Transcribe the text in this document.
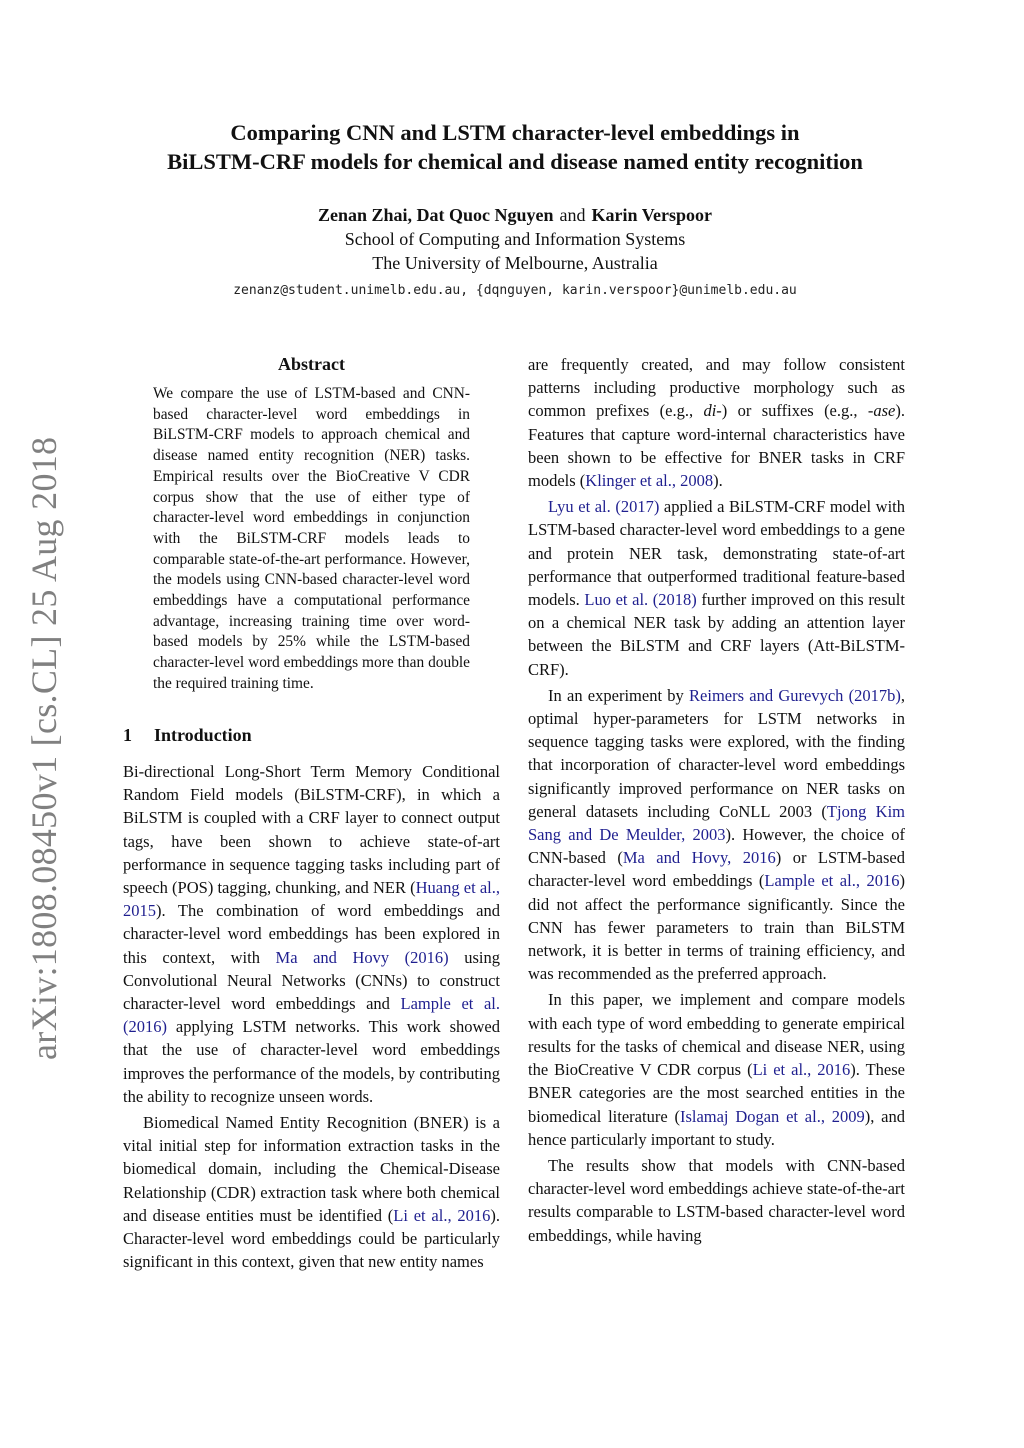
arXiv:1808.08450v1 [cs.CL] 25 Aug 2018
Comparing CNN and LSTM character-level embeddings in
BiLSTM-CRF models for chemical and disease named entity recognition
Zenan Zhai, Dat Quoc Nguyen and Karin Verspoor
School of Computing and Information Systems
The University of Melbourne, Australia
zenanz@student.unimelb.edu.au, {dqnguyen, karin.verspoor}@unimelb.edu.au
Abstract
We compare the use of LSTM-based and CNN-based character-level word embeddings in BiLSTM-CRF models to approach chemical and disease named entity recognition (NER) tasks. Empirical results over the BioCreative V CDR corpus show that the use of either type of character-level word embeddings in conjunction with the BiLSTM-CRF models leads to comparable state-of-the-art performance. However, the models using CNN-based character-level word embeddings have a computational performance advantage, increasing training time over word-based models by 25% while the LSTM-based character-level word embeddings more than double the required training time.
1 Introduction

Bi-directional Long-Short Term Memory Conditional Random Field models (BiLSTM-CRF), in which a BiLSTM is coupled with a CRF layer to connect output tags, have been shown to achieve state-of-art performance in sequence tagging tasks including part of speech (POS) tagging, chunking, and NER (Huang et al., 2015). The combination of word embeddings and character-level word embeddings has been explored in this context, with Ma and Hovy (2016) using Convolutional Neural Networks (CNNs) to construct character-level word embeddings and Lample et al. (2016) applying LSTM networks. This work showed that the use of character-level word embeddings improves the performance of the models, by contributing the ability to recognize unseen words.

Biomedical Named Entity Recognition (BNER) is a vital initial step for information extraction tasks in the biomedical domain, including the Chemical-Disease Relationship (CDR) extraction task where both chemical and disease entities must be identified (Li et al., 2016). Character-level word embeddings could be particularly significant in this context, given that new entity names

are frequently created, and may follow consistent patterns including productive morphology such as common prefixes (e.g., di-) or suffixes (e.g., -ase). Features that capture word-internal characteristics have been shown to be effective for BNER tasks in CRF models (Klinger et al., 2008).

Lyu et al. (2017) applied a BiLSTM-CRF model with LSTM-based character-level word embeddings to a gene and protein NER task, demonstrating state-of-art performance that outperformed traditional feature-based models. Luo et al. (2018) further improved on this result on a chemical NER task by adding an attention layer between the BiLSTM and CRF layers (Att-BiLSTM-CRF).

In an experiment by Reimers and Gurevych (2017b), optimal hyper-parameters for LSTM networks in sequence tagging tasks were explored, with the finding that incorporation of character-level word embeddings significantly improved performance on NER tasks on general datasets including CoNLL 2003 (Tjong Kim Sang and De Meulder, 2003). However, the choice of CNN-based (Ma and Hovy, 2016) or LSTM-based character-level word embeddings (Lample et al., 2016) did not affect the performance significantly. Since the CNN has fewer parameters to train than BiLSTM network, it is better in terms of training efficiency, and was recommended as the preferred approach.

In this paper, we implement and compare models with each type of word embedding to generate empirical results for the tasks of chemical and disease NER, using the BioCreative V CDR corpus (Li et al., 2016). These BNER categories are the most searched entities in the biomedical literature (Islamaj Dogan et al., 2009), and hence particularly important to study.

The results show that models with CNN-based character-level word embeddings achieve state-of-the-art results comparable to LSTM-based character-level word embeddings, while having
